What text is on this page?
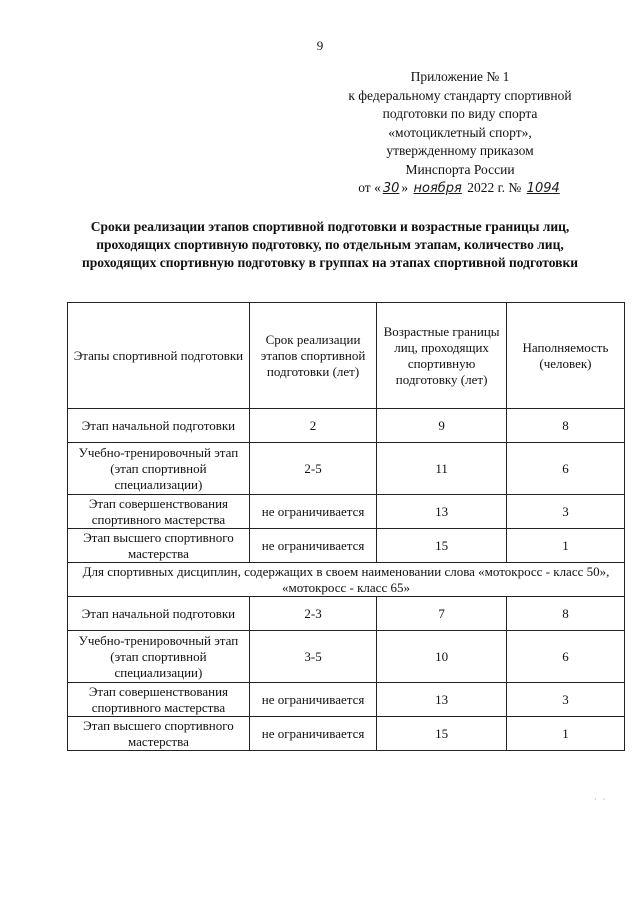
9
Приложение № 1
к федеральному стандарту спортивной
подготовки по виду спорта
«мотоциклетный спорт»,
утвержденному приказом
Минспорта России
от « 30 » ноября 2022 г. № 1094
Сроки реализации этапов спортивной подготовки и возрастные границы лиц, проходящих спортивную подготовку, по отдельным этапам, количество лиц, проходящих спортивную подготовку в группах на этапах спортивной подготовки
Этапы спортивной подготовки	Срок реализации этапов спортивной подготовки (лет)	Возрастные границы лиц, проходящих спортивную подготовку (лет)	Наполняемость (человек)
Этап начальной подготовки	2	9	8
Учебно-тренировочный этап (этап спортивной специализации)	2-5	11	6
Этап совершенствования спортивного мастерства	не ограничивается	13	3
Этап высшего спортивного мастерства	не ограничивается	15	1
Для спортивных дисциплин, содержащих в своем наименовании слова «мотокросс - класс 50», «мотокросс - класс 65»			
Этап начальной подготовки	2-3	7	8
Учебно-тренировочный этап (этап спортивной специализации)	3-5	10	6
Этап совершенствования спортивного мастерства	не ограничивается	13	3
Этап высшего спортивного мастерства	не ограничивается	15	1
· ·
